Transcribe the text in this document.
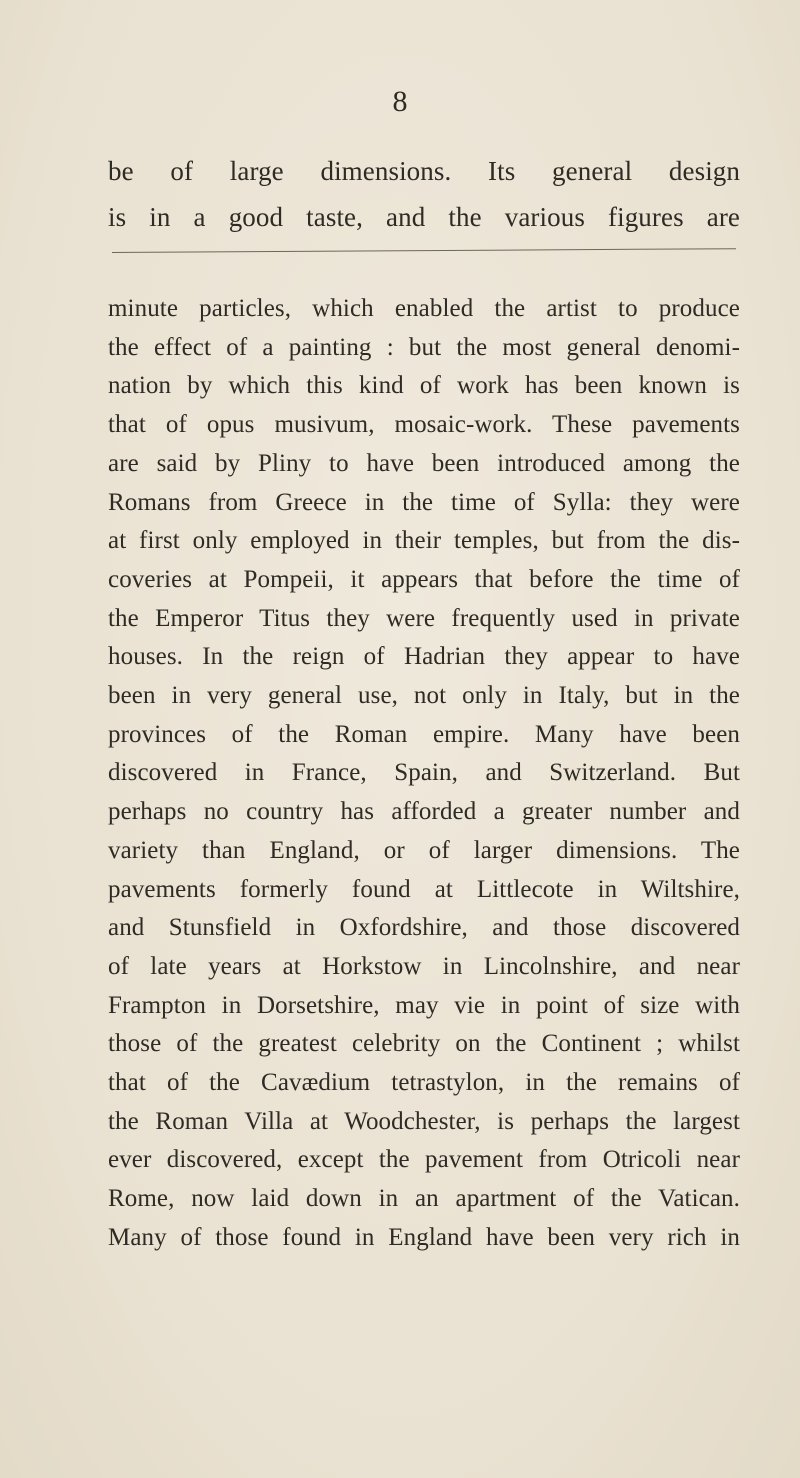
8
be of large dimensions. Its general design
is in a good taste, and the various figures are
minute particles, which enabled the artist to produce
the effect of a painting : but the most general denomi-
nation by which this kind of work has been known is
that of opus musivum, mosaic-work. These pavements
are said by Pliny to have been introduced among the
Romans from Greece in the time of Sylla: they were
at first only employed in their temples, but from the dis-
coveries at Pompeii, it appears that before the time of
the Emperor Titus they were frequently used in private
houses. In the reign of Hadrian they appear to have
been in very general use, not only in Italy, but in the
provinces of the Roman empire. Many have been
discovered in France, Spain, and Switzerland. But
perhaps no country has afforded a greater number and
variety than England, or of larger dimensions. The
pavements formerly found at Littlecote in Wiltshire,
and Stunsfield in Oxfordshire, and those discovered
of late years at Horkstow in Lincolnshire, and near
Frampton in Dorsetshire, may vie in point of size with
those of the greatest celebrity on the Continent ; whilst
that of the Cavædium tetrastylon, in the remains of
the Roman Villa at Woodchester, is perhaps the largest
ever discovered, except the pavement from Otricoli near
Rome, now laid down in an apartment of the Vatican.
Many of those found in England have been very rich in
